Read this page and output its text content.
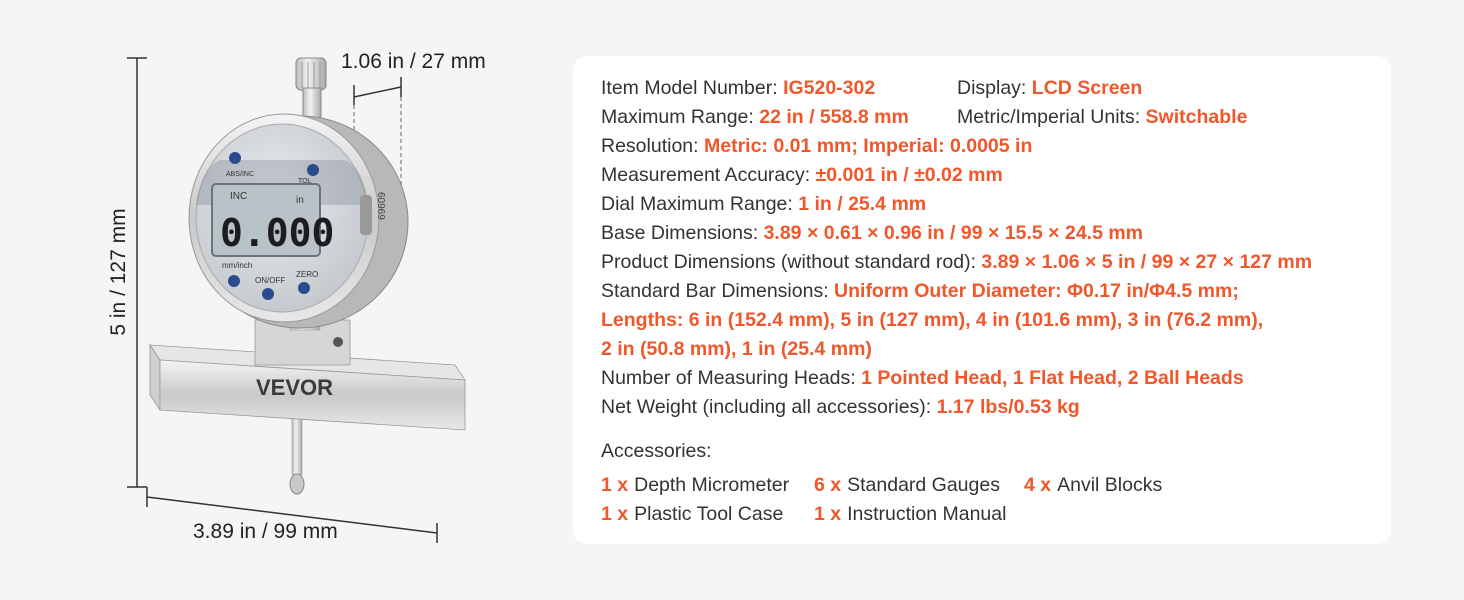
VEVOR
INC	in
0.000
ABS/INC
TOL
mm/inch
ON/OFF
ZERO
60969
1.06 in / 27 mm
5 in / 127 mm
3.89 in / 99 mm
Item Model Number: IG520-302	Display: LCD Screen
Maximum Range: 22 in / 558.8 mm Metric/Imperial Units: Switchable
Resolution: Metric: 0.01 mm; Imperial: 0.0005 in
Measurement Accuracy: ±0.001 in / ±0.02 mm
Dial Maximum Range: 1 in / 25.4 mm
Base Dimensions: 3.89 × 0.61 × 0.96 in / 99 × 15.5 × 24.5 mm
Product Dimensions (without standard rod): 3.89 × 1.06 × 5 in / 99 × 27 × 127 mm
Standard Bar Dimensions: Uniform Outer Diameter: Φ0.17 in/Φ4.5 mm;
Lengths: 6 in (152.4 mm), 5 in (127 mm), 4 in (101.6 mm), 3 in (76.2 mm),
2 in (50.8 mm), 1 in (25.4 mm)
Number of Measuring Heads: 1 Pointed Head, 1 Flat Head, 2 Ball Heads
Net Weight (including all accessories): 1.17 lbs/0.53 kg
Accessories:
1 x Depth Micrometer 6 x Standard Gauges 4 x Anvil Blocks
1 x Plastic Tool Case 1 x Instruction Manual
